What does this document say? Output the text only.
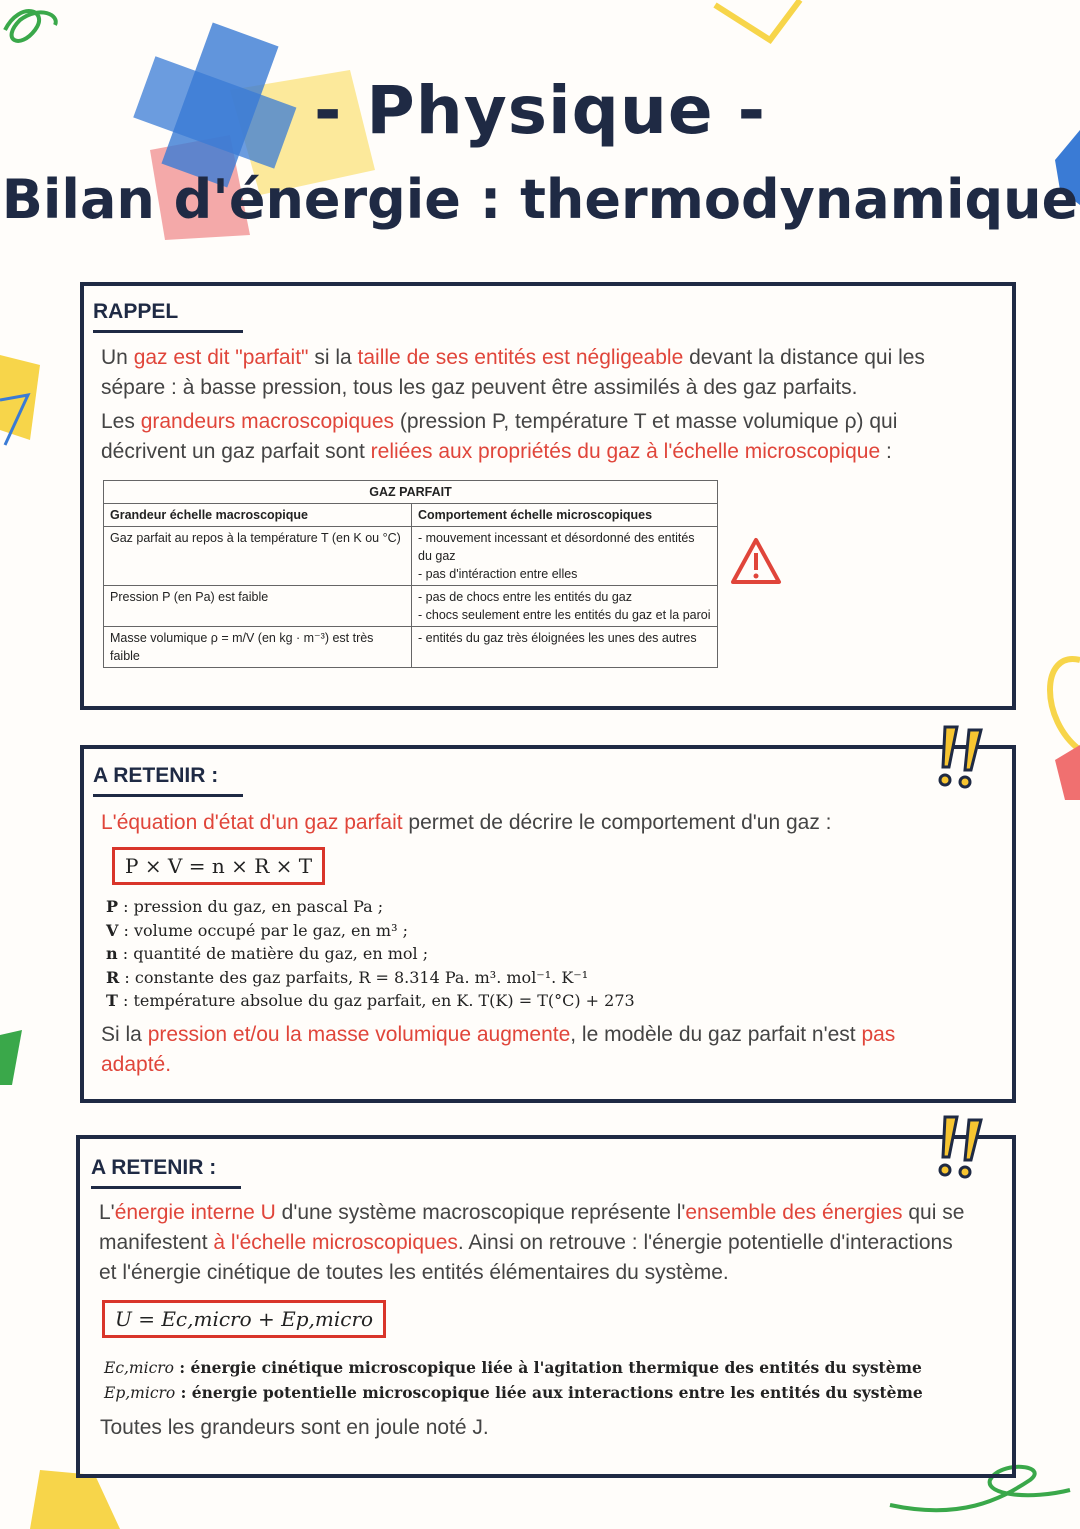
- Physique -
Bilan d'énergie : thermodynamique
RAPPEL
Un gaz est dit "parfait" si la taille de ses entités est négligeable devant la distance qui les sépare : à basse pression, tous les gaz peuvent être assimilés à des gaz parfaits.
Les grandeurs macroscopiques (pression P, température T et masse volumique ρ) qui décrivent un gaz parfait sont reliées aux propriétés du gaz à l'échelle microscopique :
GAZ PARFAIT	
Grandeur échelle macroscopique	Comportement échelle microscopiques
Gaz parfait au repos à la température T (en K ou °C)	- mouvement incessant et désordonné des entités du gaz
- pas d'intéraction entre elles
Pression P (en Pa) est faible	- pas de chocs entre les entités du gaz
- chocs seulement entre les entités du gaz et la paroi
Masse volumique ρ = m/V (en kg · m⁻³) est très faible	- entités du gaz très éloignées les unes des autres
A RETENIR :
L'équation d'état d'un gaz parfait permet de décrire le comportement d'un gaz :
P × V = n × R × T
P : pression du gaz, en pascal Pa ;
V : volume occupé par le gaz, en m³ ;
n : quantité de matière du gaz, en mol ;
R : constante des gaz parfaits, R = 8.314 Pa. m³. mol⁻¹. K⁻¹
T : température absolue du gaz parfait, en K. T(K) = T(°C) + 273
Si la pression et/ou la masse volumique augmente, le modèle du gaz parfait n'est pas adapté.
A RETENIR :
L'énergie interne U d'une système macroscopique représente l'ensemble des énergies qui se manifestent à l'échelle microscopiques. Ainsi on retrouve : l'énergie potentielle d'interactions et l'énergie cinétique de toutes les entités élémentaires du système.
U = Ec,micro + Ep,micro
Ec,micro : énergie cinétique microscopique liée à l'agitation thermique des entités du système
Ep,micro : énergie potentielle microscopique liée aux interactions entre les entités du système
Toutes les grandeurs sont en joule noté J.
